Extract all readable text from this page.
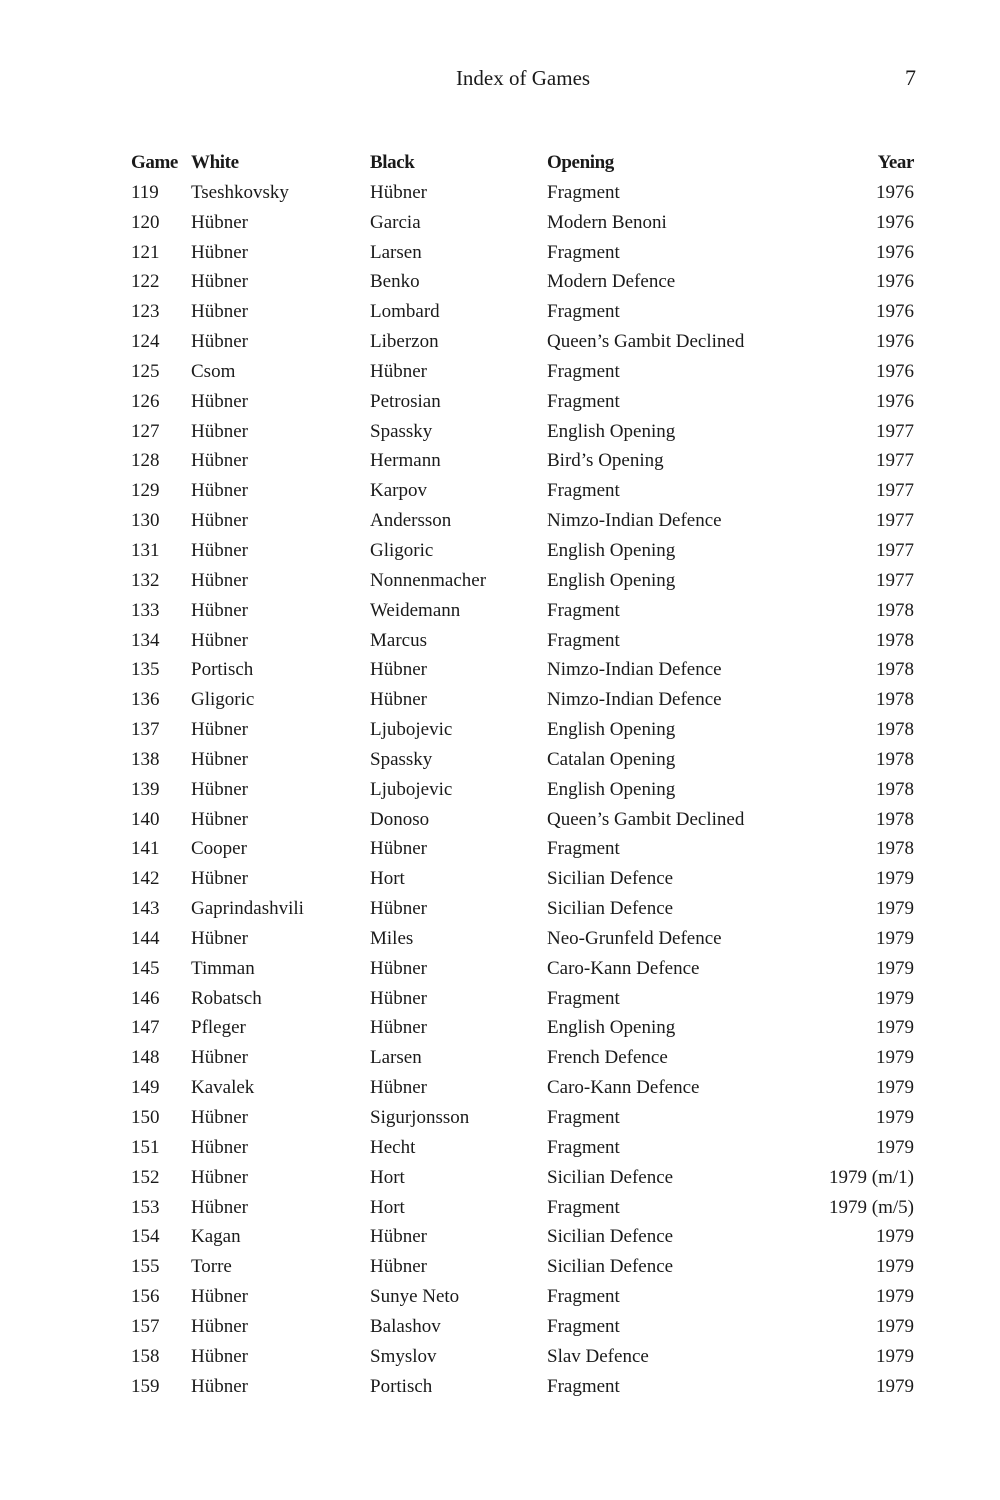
Index of Games	7
Game	White	Black	Opening	Year
119	Tseshkovsky	Hübner	Fragment	1976
120	Hübner	Garcia	Modern Benoni	1976
121	Hübner	Larsen	Fragment	1976
122	Hübner	Benko	Modern Defence	1976
123	Hübner	Lombard	Fragment	1976
124	Hübner	Liberzon	Queen’s Gambit Declined	1976
125	Csom	Hübner	Fragment	1976
126	Hübner	Petrosian	Fragment	1976
127	Hübner	Spassky	English Opening	1977
128	Hübner	Hermann	Bird’s Opening	1977
129	Hübner	Karpov	Fragment	1977
130	Hübner	Andersson	Nimzo-Indian Defence	1977
131	Hübner	Gligoric	English Opening	1977
132	Hübner	Nonnenmacher	English Opening	1977
133	Hübner	Weidemann	Fragment	1978
134	Hübner	Marcus	Fragment	1978
135	Portisch	Hübner	Nimzo-Indian Defence	1978
136	Gligoric	Hübner	Nimzo-Indian Defence	1978
137	Hübner	Ljubojevic	English Opening	1978
138	Hübner	Spassky	Catalan Opening	1978
139	Hübner	Ljubojevic	English Opening	1978
140	Hübner	Donoso	Queen’s Gambit Declined	1978
141	Cooper	Hübner	Fragment	1978
142	Hübner	Hort	Sicilian Defence	1979
143	Gaprindashvili	Hübner	Sicilian Defence	1979
144	Hübner	Miles	Neo-Grunfeld Defence	1979
145	Timman	Hübner	Caro-Kann Defence	1979
146	Robatsch	Hübner	Fragment	1979
147	Pfleger	Hübner	English Opening	1979
148	Hübner	Larsen	French Defence	1979
149	Kavalek	Hübner	Caro-Kann Defence	1979
150	Hübner	Sigurjonsson	Fragment	1979
151	Hübner	Hecht	Fragment	1979
152	Hübner	Hort	Sicilian Defence	1979 (m/1)
153	Hübner	Hort	Fragment	1979 (m/5)
154	Kagan	Hübner	Sicilian Defence	1979
155	Torre	Hübner	Sicilian Defence	1979
156	Hübner	Sunye Neto	Fragment	1979
157	Hübner	Balashov	Fragment	1979
158	Hübner	Smyslov	Slav Defence	1979
159	Hübner	Portisch	Fragment	1979
